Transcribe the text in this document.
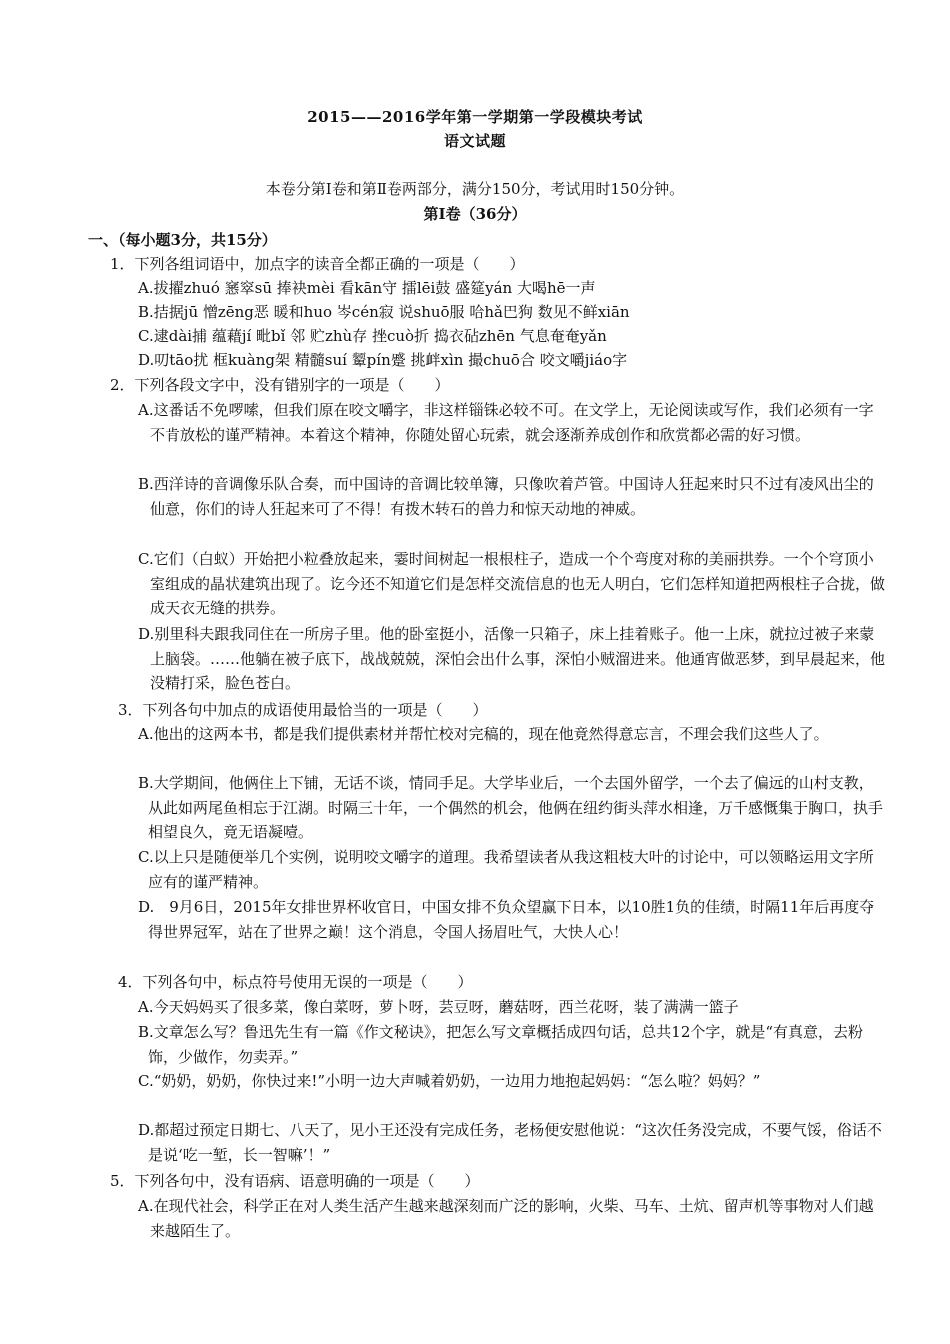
2015——2016学年第一学期第一学段模块考试
语文试题
本卷分第Ⅰ卷和第Ⅱ卷两部分，满分150分，考试用时150分钟。
第Ⅰ卷（36分）
一、（每小题3分，共15分）
1．下列各组词语中，加点字的读音全都正确的一项是（　　）
A.拔擢zhuó 窸窣sū 捧袂mèi 看kān守 擂lēi鼓 盛筵yán 大喝hē一声
B.拮据jū 憎zēng恶 暖和huo 岑cén寂 说shuō服 哈hǎ巴狗 数见不鲜xiān
C.逮dài捕 蕴藉jí 毗bǐ 邻 贮zhù存 挫cuò折 捣衣砧zhēn 气息奄奄yǎn
D.叨tāo扰 框kuàng架 精髓suí 颦pín蹙 挑衅xìn 撮chuō合 咬文嚼jiáo字
2．下列各段文字中，没有错别字的一项是（　　）
A.这番话不免啰嗦，但我们原在咬文嚼字，非这样锱铢必较不可。在文学上，无论阅读或写作，我们必须有一字不肯放松的谨严精神。本着这个精神，你随处留心玩索，就会逐渐养成创作和欣赏都必需的好习惯。
B.西洋诗的音调像乐队合奏，而中国诗的音调比较单簿，只像吹着芦管。中国诗人狂起来时只不过有凌风出尘的仙意，你们的诗人狂起来可了不得！有拨木转石的兽力和惊天动地的神威。
C.它们（白蚁）开始把小粒叠放起来，霎时间树起一根根柱子，造成一个个弯度对称的美丽拱券。一个个穹顶小室组成的晶状建筑出现了。讫今还不知道它们是怎样交流信息的也无人明白，它们怎样知道把两根柱子合拢，做成天衣无缝的拱券。
D.别里科夫跟我同住在一所房子里。他的卧室挺小，活像一只箱子，床上挂着账子。他一上床，就拉过被子来蒙上脑袋。……他躺在被子底下，战战兢兢，深怕会出什么事，深怕小贼溜进来。他通宵做恶梦，到早晨起来，他没精打采，脸色苍白。
3．下列各句中加点的成语使用最恰当的一项是（　　）
A.他出的这两本书，都是我们提供素材并帮忙校对完稿的，现在他竟然得意忘言，不理会我们这些人了。
B.大学期间，他俩住上下铺，无话不谈，情同手足。大学毕业后，一个去国外留学，一个去了偏远的山村支教，从此如两尾鱼相忘于江湖。时隔三十年，一个偶然的机会，他俩在纽约街头萍水相逢，万千感慨集于胸口，执手相望良久，竟无语凝噎。
C.以上只是随便举几个实例，说明咬文嚼字的道理。我希望读者从我这粗枝大叶的讨论中，可以领略运用文字所应有的谨严精神。
D.　9月6日，2015年女排世界杯收官日，中国女排不负众望赢下日本，以10胜1负的佳绩，时隔11年后再度夺得世界冠军，站在了世界之巅！这个消息，令国人扬眉吐气，大快人心！
4．下列各句中，标点符号使用无误的一项是（　　）
A.今天妈妈买了很多菜，像白菜呀，萝卜呀，芸豆呀，蘑菇呀，西兰花呀，装了满满一篮子
B.文章怎么写？鲁迅先生有一篇《作文秘诀》，把怎么写文章概括成四句话，总共12个字，就是“有真意，去粉饰，少做作，勿卖弄。”
C.“奶奶，奶奶，你快过来!”小明一边大声喊着奶奶，一边用力地抱起妈妈：“怎么啦？妈妈？”
D.都超过预定日期七、八天了，见小王还没有完成任务，老杨便安慰他说：“这次任务没完成，不要气馁，俗话不是说‘吃一堑，长一智嘛’！”
5．下列各句中，没有语病、语意明确的一项是（　　）
A.在现代社会，科学正在对人类生活产生越来越深刻而广泛的影响，火柴、马车、土炕、留声机等事物对人们越来越陌生了。
